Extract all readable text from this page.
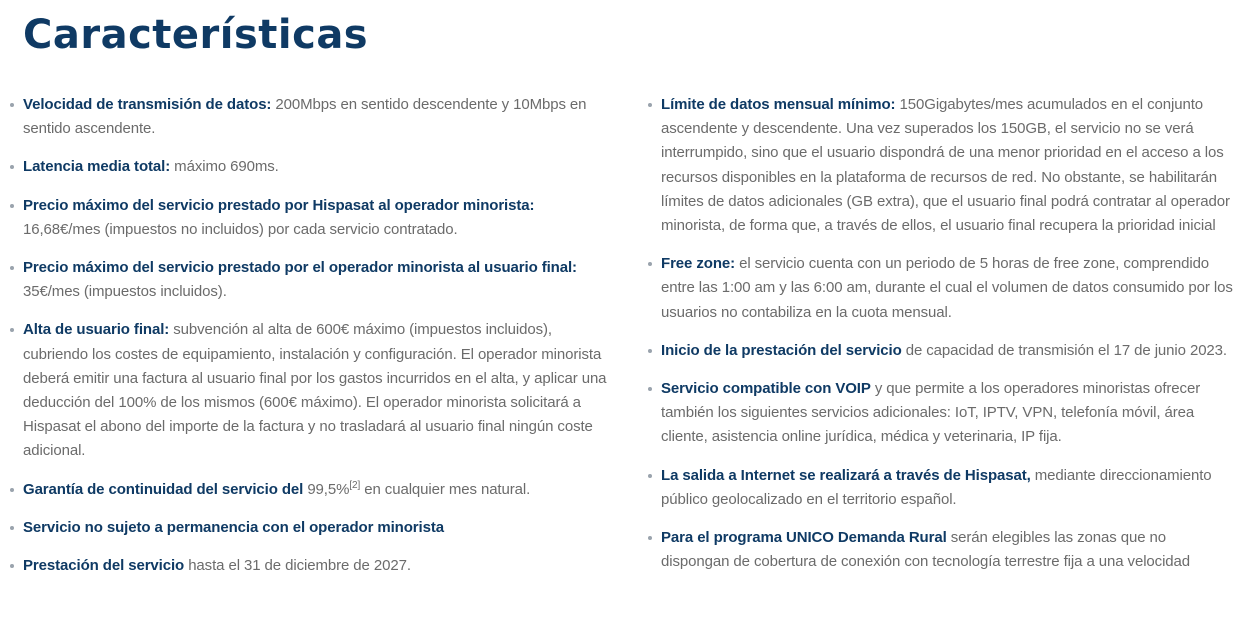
Características
Velocidad de transmisión de datos: 200Mbps en sentido descendente y 10Mbps en sentido ascendente.
Latencia media total: máximo 690ms.
Precio máximo del servicio prestado por Hispasat al operador minorista: 16,68€/mes (impuestos no incluidos) por cada servicio contratado.
Precio máximo del servicio prestado por el operador minorista al usuario final: 35€/mes (impuestos incluidos).
Alta de usuario final: subvención al alta de 600€ máximo (impuestos incluidos), cubriendo los costes de equipamiento, instalación y configuración. El operador minorista deberá emitir una factura al usuario final por los gastos incurridos en el alta, y aplicar una deducción del 100% de los mismos (600€ máximo). El operador minorista solicitará a Hispasat el abono del importe de la factura y no trasladará al usuario final ningún coste adicional.
Garantía de continuidad del servicio del 99,5%[2] en cualquier mes natural.
Servicio no sujeto a permanencia con el operador minorista
Prestación del servicio hasta el 31 de diciembre de 2027.
Límite de datos mensual mínimo: 150Gigabytes/mes acumulados en el conjunto ascendente y descendente. Una vez superados los 150GB, el servicio no se verá interrumpido, sino que el usuario dispondrá de una menor prioridad en el acceso a los recursos disponibles en la plataforma de recursos de red. No obstante, se habilitarán límites de datos adicionales (GB extra), que el usuario final podrá contratar al operador minorista, de forma que, a través de ellos, el usuario final recupera la prioridad inicial
Free zone: el servicio cuenta con un periodo de 5 horas de free zone, comprendido entre las 1:00 am y las 6:00 am, durante el cual el volumen de datos consumido por los usuarios no contabiliza en la cuota mensual.
Inicio de la prestación del servicio de capacidad de transmisión el 17 de junio 2023.
Servicio compatible con VOIP y que permite a los operadores minoristas ofrecer también los siguientes servicios adicionales: IoT, IPTV, VPN, telefonía móvil, área cliente, asistencia online jurídica, médica y veterinaria, IP fija.
La salida a Internet se realizará a través de Hispasat, mediante direccionamiento público geolocalizado en el territorio español.
Para el programa UNICO Demanda Rural serán elegibles las zonas que no dispongan de cobertura de conexión con tecnología terrestre fija a una velocidad
